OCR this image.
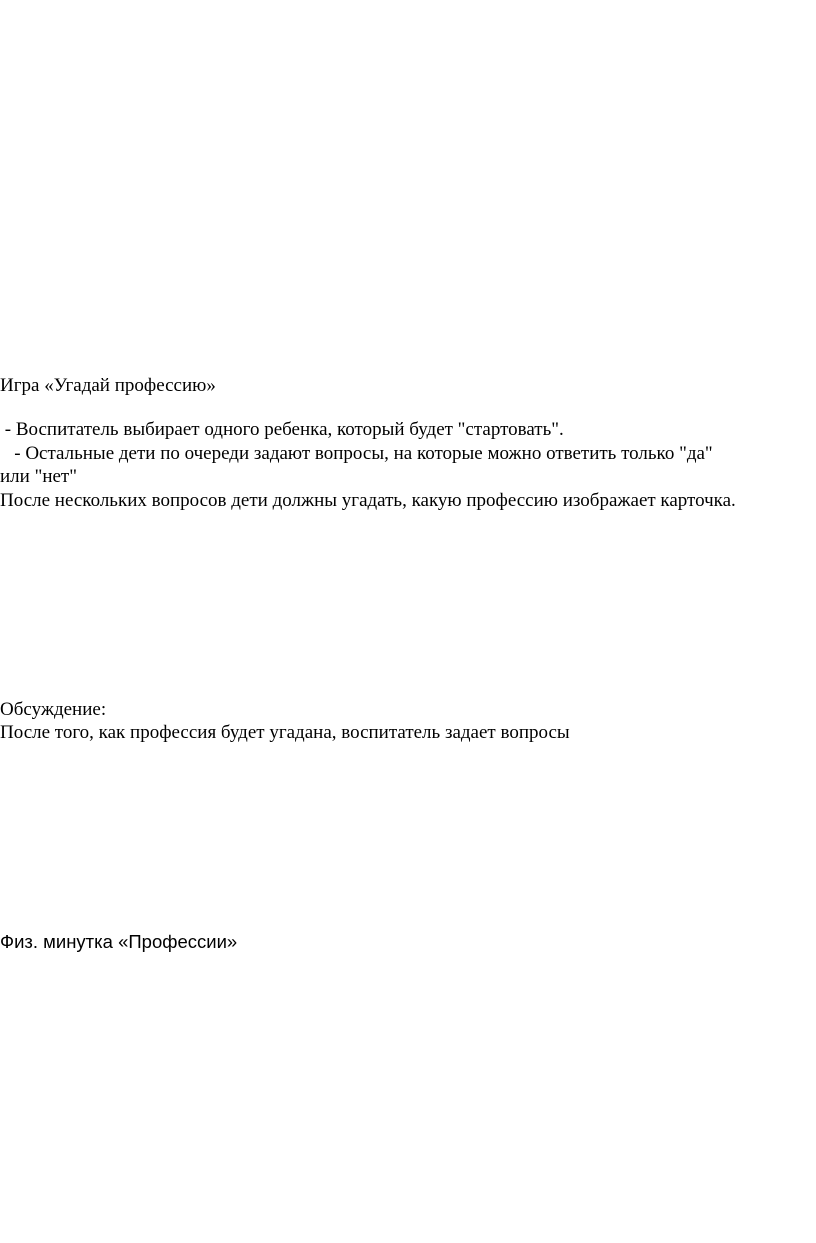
Игра «Угадай профессию»

- Воспитатель выбирает одного ребенка, который будет "стартовать".

- Остальные дети по очереди задают вопросы, на которые можно ответить только "да"

или "нет"

После нескольких вопросов дети должны угадать, какую профессию изображает карточка.

Обсуждение:

После того, как профессия будет угадана, воспитатель задает вопросы

Физ. минутка «Профессии»
